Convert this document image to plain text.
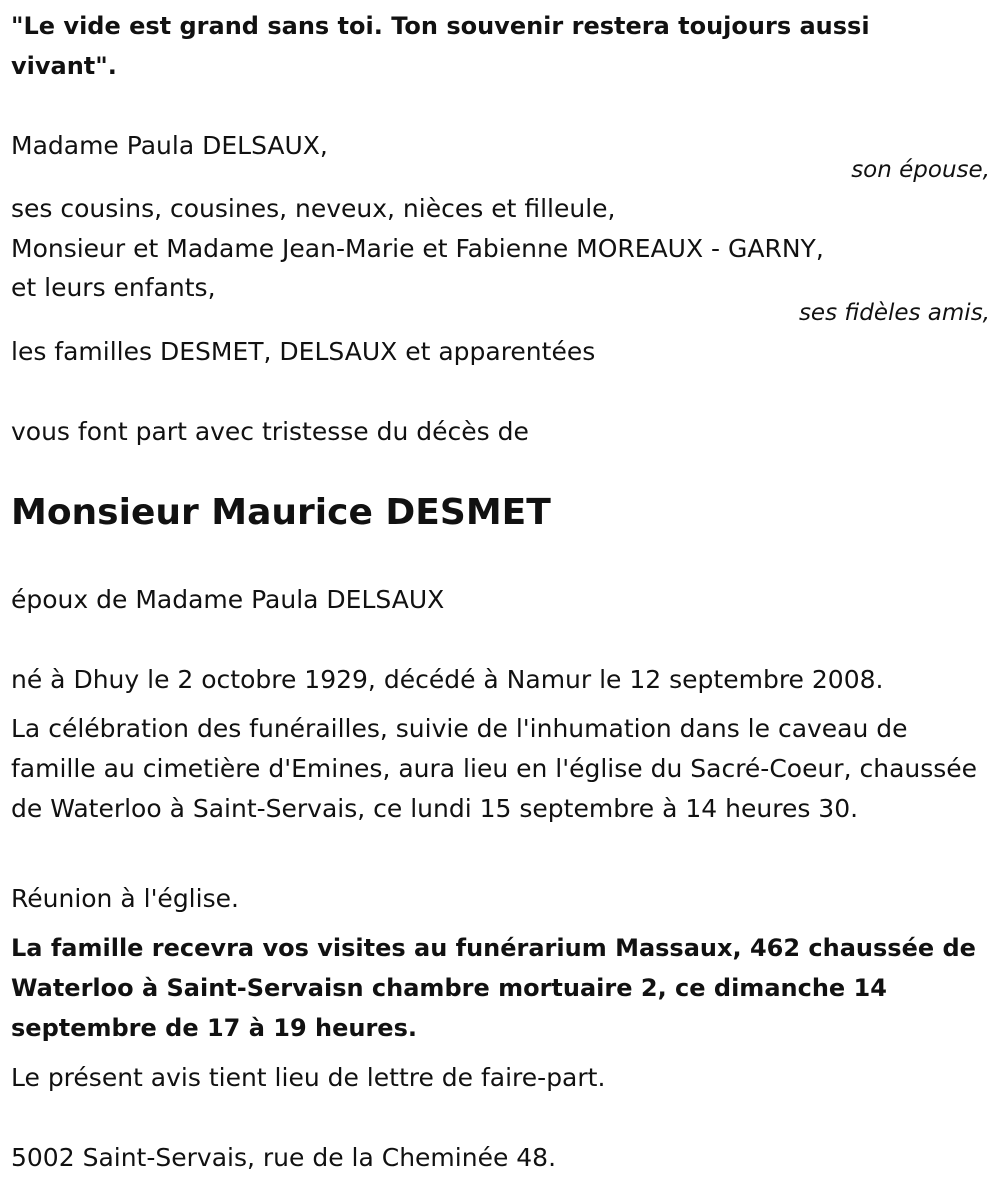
"Le vide est grand sans toi. Ton souvenir restera toujours aussi vivant".
Madame Paula DELSAUX,
son épouse,
ses cousins, cousines, neveux, nièces et filleule,
Monsieur et Madame Jean-Marie et Fabienne MOREAUX - GARNY,
et leurs enfants,
ses fidèles amis,
les familles DESMET, DELSAUX et apparentées
vous font part avec tristesse du décès de
Monsieur Maurice DESMET
époux de Madame Paula DELSAUX
né à Dhuy le 2 octobre 1929, décédé à Namur le 12 septembre 2008.
La célébration des funérailles, suivie de l'inhumation dans le caveau de famille au cimetière d'Emines, aura lieu en l'église du Sacré-Coeur, chaussée de Waterloo à Saint-Servais, ce lundi 15 septembre à 14 heures 30.
Réunion à l'église.
La famille recevra vos visites au funérarium Massaux, 462 chaussée de Waterloo à Saint-Servaisn chambre mortuaire 2, ce dimanche 14 septembre de 17 à 19 heures.
Le présent avis tient lieu de lettre de faire-part.
5002 Saint-Servais, rue de la Cheminée 48.
